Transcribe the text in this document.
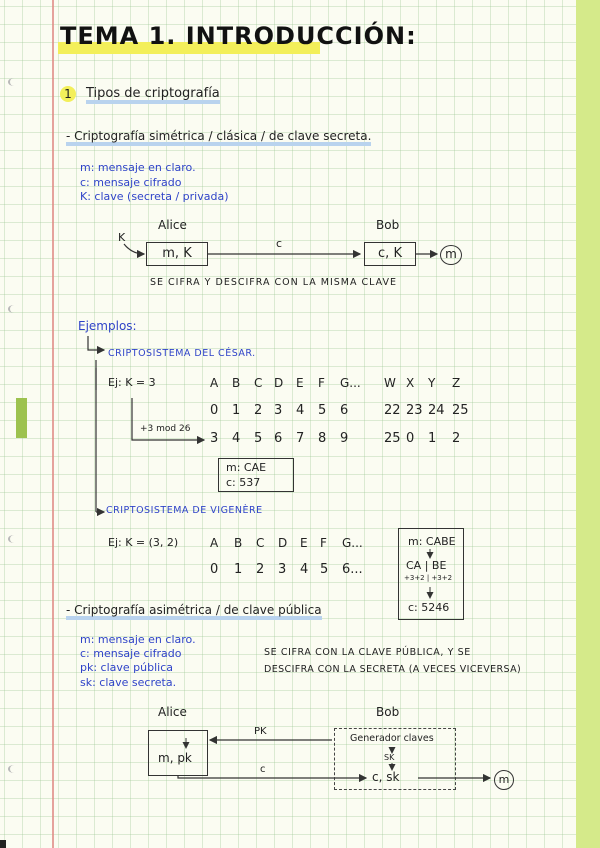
TEMA 1. INTRODUCCIÓN:
1	Tipos de criptografía
- Criptografía simétrica / clásica / de clave secreta.
m: mensaje en claro.
c: mensaje cifrado
K: clave (secreta / privada)
Alice	Bob
K
m, K
c
c, K	m
SE CIFRA Y DESCIFRA CON LA MISMA CLAVE
Ejemplos:
CRIPTOSISTEMA DEL CÉSAR.
Ej: K = 3	A B C D E F G... W X Y Z
0 1 2 3 4 5 6	22 23 24 25
3 4 5 6 7 8 9	25 0 1 2
+3 mod 26
m: CAE
c: 537
CRIPTOSISTEMA DE VIGENÈRE
Ej: K = (3, 2)	A B C D E F G...
0 1 2 3 4 5 6...
m: CABE
CA | BE
+3+2 | +3+2
c: 5246
- Criptografía asimétrica / de clave pública
m: mensaje en claro.
c: mensaje cifrado
pk: clave pública
sk: clave secreta.
SE CIFRA CON LA CLAVE PÚBLICA, Y SE
DESCIFRA CON LA SECRETA (A VECES VICEVERSA)
Alice	Bob
m, pk
PK
Generador claves
SK
c
c, sk	m
